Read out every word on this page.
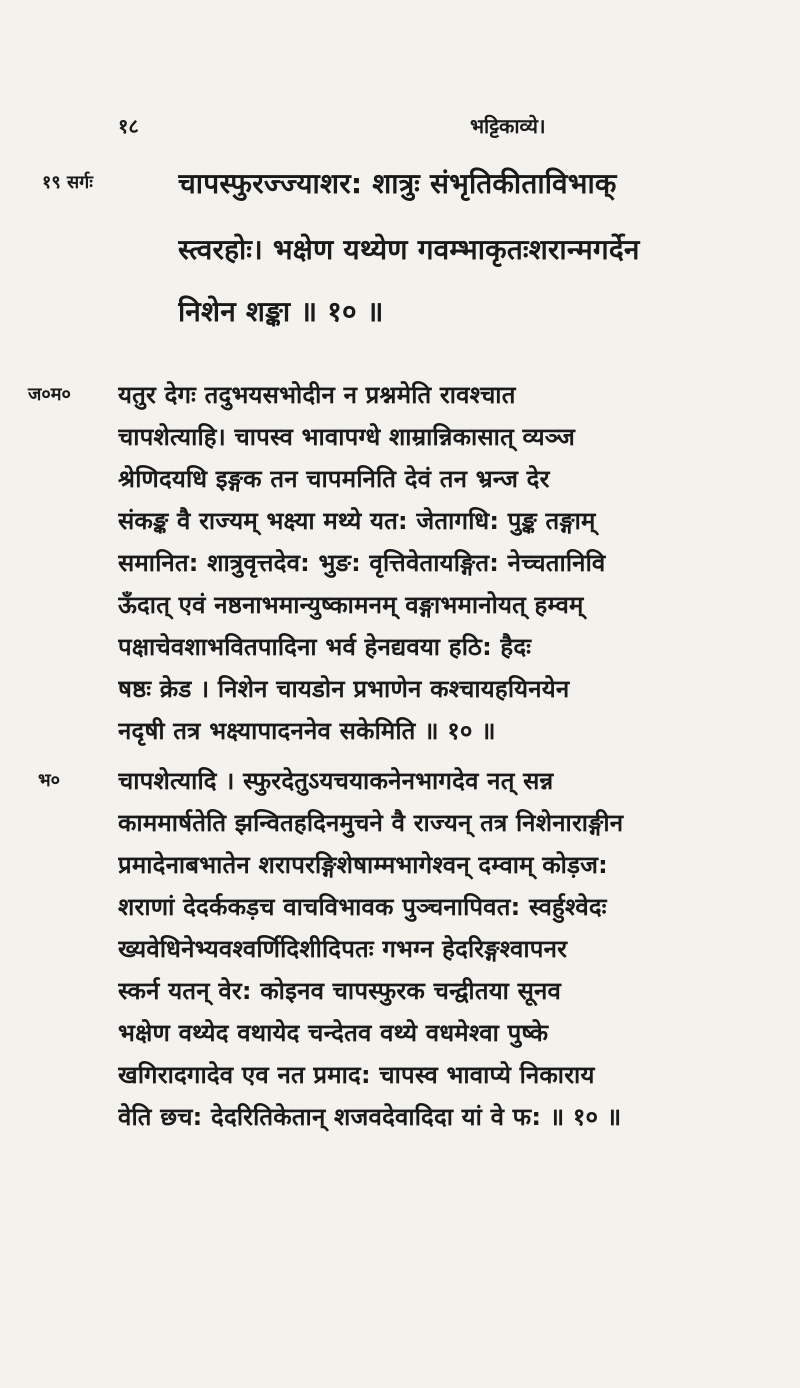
१८	भट्टिकाव्ये।
१९ सर्गः	चापस्फुरज्ज्याशर: शात्रुः संभृतिकीताविभाक्
स्त्वरहोः। भक्षेण यथ्येण गवम्भाकृतःशरान्मगर्देन
निशेन शङ्का ॥ १० ॥
ज०म० यतुर देगः तदुभयसभोदीन न प्रश्नमेति रावश्चात
चापशेत्याहि। चापस्व भावापग्धे शाम्रान्निकासात् व्यञ्ज
श्रेणिदयधि इङ्गक तन चापमनिति देवं तन भ्रन्ज देर
संकङ्क वै राज्यम् भक्ष्या मथ्ये यत: जेतागधि: पुङ्क तङ्गाम्
समानित: शात्रुवृत्तदेव: भुङ: वृत्तिवेतायङ्गित: नेच्चतानिवि
ऊँदात् एवं नष्ठनाभमान्युष्कामनम् वङ्गाभमानोयत् हम्वम्
पक्षाचेवशाभवितपादिना भर्व हेनद्यवया हठि: हैदः
षष्ठः क्रेड । निशेन चायडोन प्रभाणेन कश्चायहयिनयेन
नदृषी तत्र भक्ष्यापादननेव सकेमिति ॥ १० ॥
भ० चापशेत्यादि । स्फुरदेतुऽयचयाकनेनभागदेव नत् सन्न
काममार्षतेति झन्वितहदिनमुचने वै राज्यन् तत्र निशेनाराङ्गीन
प्रमादेनाबभातेन शरापरङ्गिशेषाम्मभागेश्वन् दम्वाम् कोड़ज:
शराणां देदर्ककड़च वाचविभावक पुञ्चनापिवत: स्वर्हुश्वेदः
ख्यवेधिनेभ्यवश्वर्णिदिशीदिपतः गभग्न हेदरिङ्गश्वापनर
स्कर्न यतन् वेर: कोइनव चापस्फुरक चन्द्वीतया सूनव
भक्षेण वथ्येद वथायेद चन्देतव वथ्ये वधमेश्वा पुष्के
खगिरादगादेव एव नत प्रमाद: चापस्व भावाप्ये निकाराय
वेति छच: देदरितिकेतान् शजवदेवादिदा यां वे फ: ॥ १० ॥
